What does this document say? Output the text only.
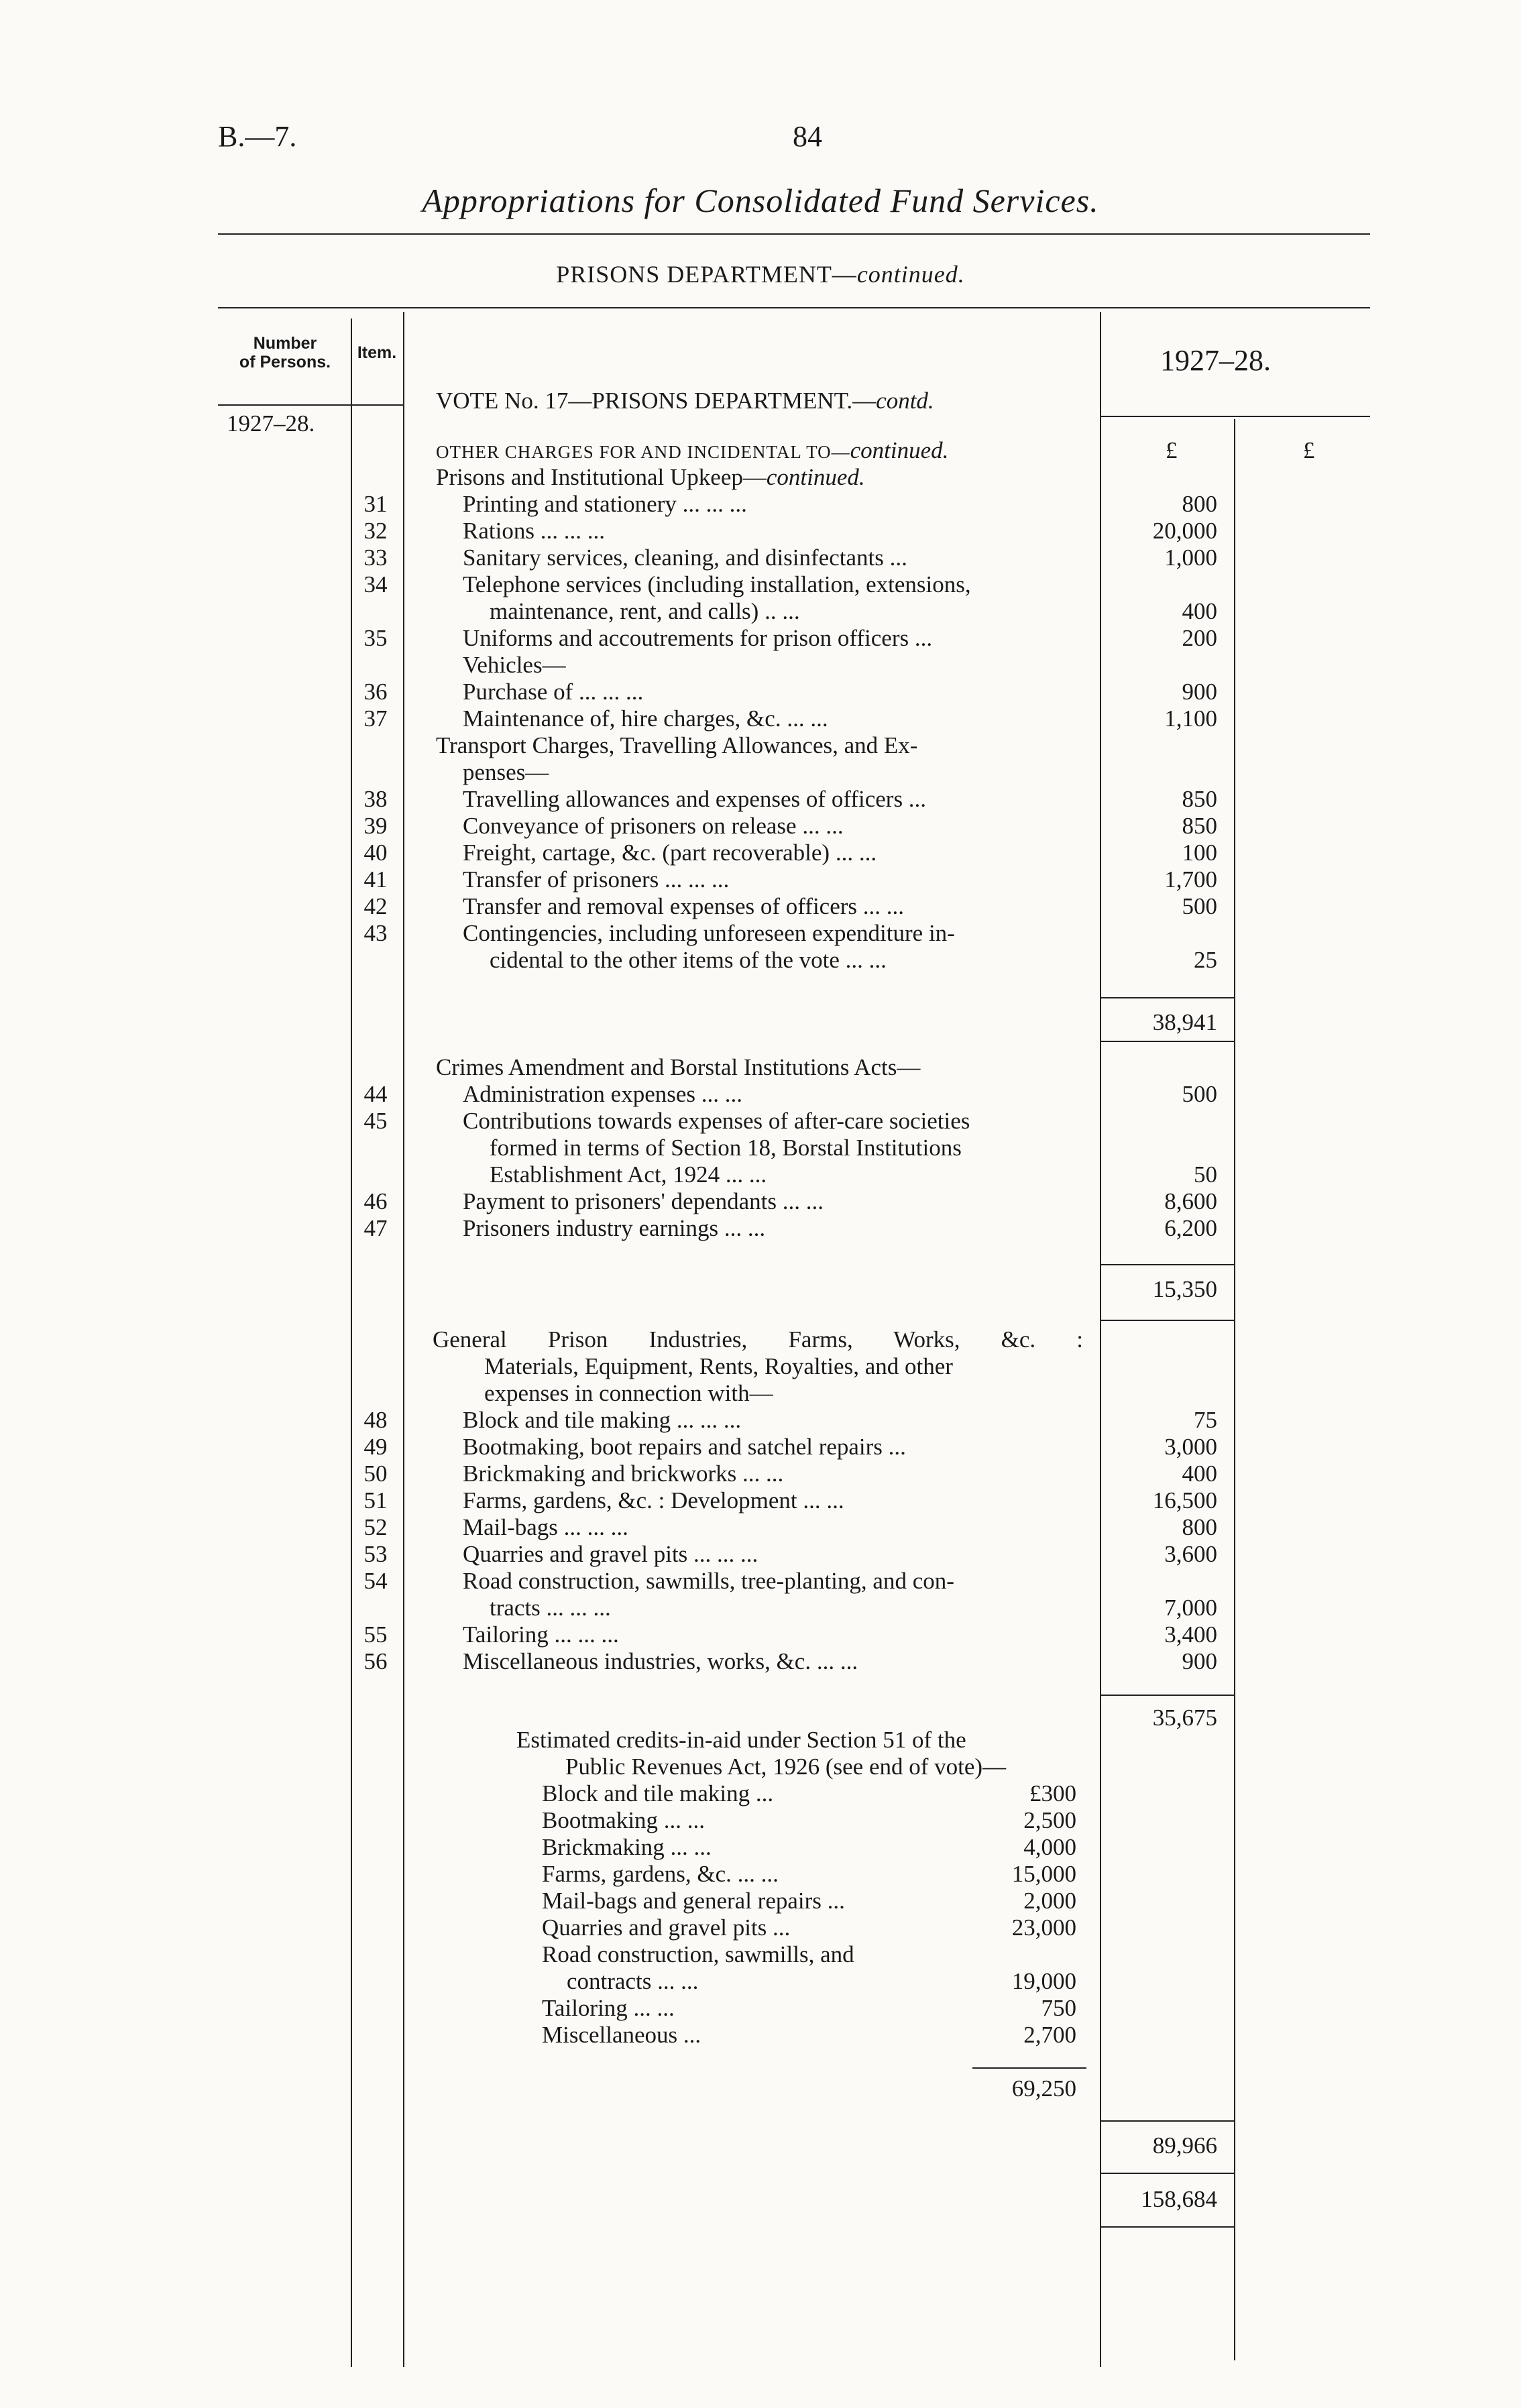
B.—7.	84
Appropriations for Consolidated Fund Services.
PRISONS DEPARTMENT—continued.
Number
of Persons.	Item.	1927–28.
VOTE No. 17—PRISONS DEPARTMENT.—contd.
1927–28.
£	£
OTHER CHARGES FOR AND INCIDENTAL TO—continued.
Prisons and Institutional Upkeep—continued.
31	Printing and stationery ... ... ...	800
32	Rations ... ... ...	20,000
33	Sanitary services, cleaning, and disinfectants ...	1,000
34	Telephone services (including installation, extensions,
maintenance, rent, and calls) .. ...	400
35	Uniforms and accoutrements for prison officers ...	200
Vehicles—
36	Purchase of ... ... ...	900
37	Maintenance of, hire charges, &c. ... ...	1,100
Transport Charges, Travelling Allowances, and Ex-
penses—
38	Travelling allowances and expenses of officers ...	850
39	Conveyance of prisoners on release ... ...	850
40	Freight, cartage, &c. (part recoverable) ... ...	100
41	Transfer of prisoners ... ... ...	1,700
42	Transfer and removal expenses of officers ... ...	500
43	Contingencies, including unforeseen expenditure in-
cidental to the other items of the vote ... ...	25
38,941
Crimes Amendment and Borstal Institutions Acts—
44	Administration expenses ... ...	500
45	Contributions towards expenses of after-care societies
formed in terms of Section 18, Borstal Institutions
Establishment Act, 1924 ... ...	50
46	Payment to prisoners' dependants ... ...	8,600
47	Prisoners industry earnings ... ...	6,200
15,350
General Prison Industries, Farms, Works, &c. :
Materials, Equipment, Rents, Royalties, and other
expenses in connection with—
48	Block and tile making ... ... ...	75
49	Bootmaking, boot repairs and satchel repairs ...	3,000
50	Brickmaking and brickworks ... ...	400
51	Farms, gardens, &c. : Development ... ...	16,500
52	Mail-bags ... ... ...	800
53	Quarries and gravel pits ... ... ...	3,600
54	Road construction, sawmills, tree-planting, and con-
tracts ... ... ...	7,000
55	Tailoring ... ... ...	3,400
56	Miscellaneous industries, works, &c. ... ...	900
35,675
Estimated credits-in-aid under Section 51 of the
Public Revenues Act, 1926 (see end of vote)—
Block and tile making ...	£300
Bootmaking ... ...	2,500
Brickmaking ... ...	4,000
Farms, gardens, &c. ... ...	15,000
Mail-bags and general repairs ...	2,000
Quarries and gravel pits ...	23,000
Road construction, sawmills, and
contracts ... ...	19,000
Tailoring ... ...	750
Miscellaneous ...	2,700
69,250
89,966
158,684
